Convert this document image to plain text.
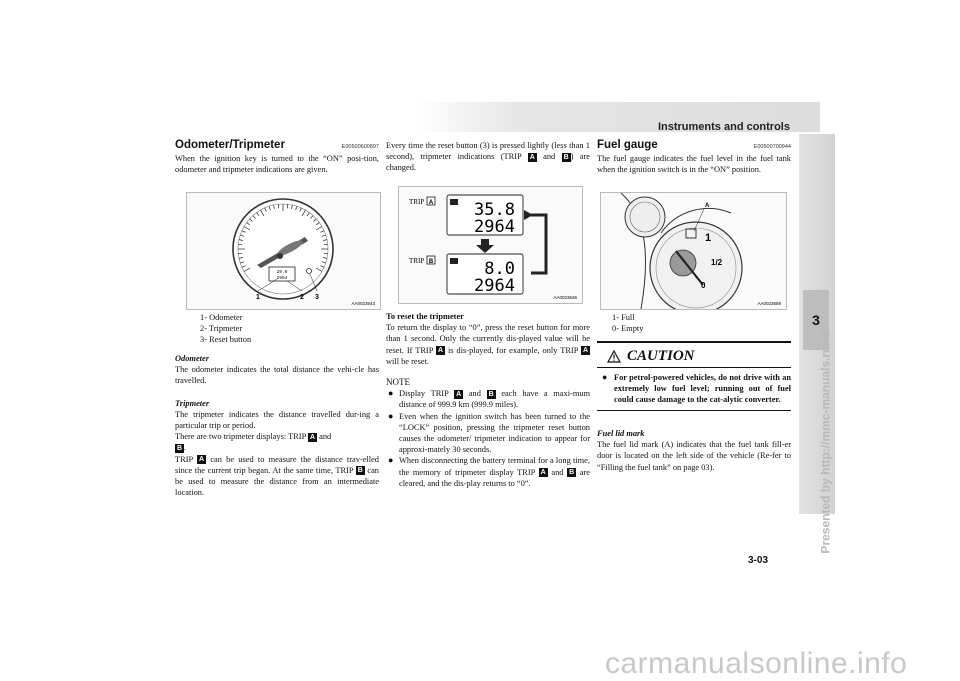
Instruments and controls
3
Odometer/Tripmeter	E00500600897
When the ignition key is turned to the “ON” posi-tion, odometer and tripmeter indications are given.
29.8
2964
1	2 3
AA0023643
1- Odometer
2- Tripmeter
3- Reset button
Odometer
The odometer indicates the total distance the vehi-cle has travelled.
Tripmeter
The tripmeter indicates the distance travelled dur-ing a particular trip or period.
There are two tripmeter displays: TRIP A and
B .
TRIP A can be used to measure the distance trav-elled since the current trip began. At the same time, TRIP B can be used to measure the distance from an intermediate location.
Every time the reset button (3) is pressed lightly (less than 1 second), tripmeter indications (TRIP A and B ) are changed.
TRIP A 35.8
2964
TRIP B	8.0
2964
AA0023636
To reset the tripmeter
To return the display to “0”, press the reset button for more than 1 second. Only the currently dis-played value will be reset. If TRIP A is dis-played, for example, only TRIP A will be reset.
NOTE
● Display TRIP A and B each have a maxi-mum distance of 999.9 km (999.9 miles).
● Even when the ignition switch has been turned to the “LOCK” position, pressing the tripmeter reset button causes the odometer/ tripmeter indication to appear for approxi-mately 30 seconds.
● When disconnecting the battery terminal for a long time, the memory of tripmeter display TRIP A and B are cleared, and the dis-play returns to “0”.
Fuel gauge	E00500700944
The fuel gauge indicates the fuel level in the fuel tank when the ignition switch is in the “ON” position.
1
1/2
0
A
AA0023669
1- Full
0- Empty
CAUTION
● For petrol-powered vehicles, do not drive with an extremely low fuel level; running out of fuel could cause damage to the cat-alytic converter.
Fuel lid mark
The fuel lid mark (A) indicates that the fuel tank fill-er door is located on the left side of the vehicle (Re-fer to “Filling the fuel tank” on page 03).
3-03
Presented by http://mmc-manuals.ru/ ©
carmanualsonline.info
